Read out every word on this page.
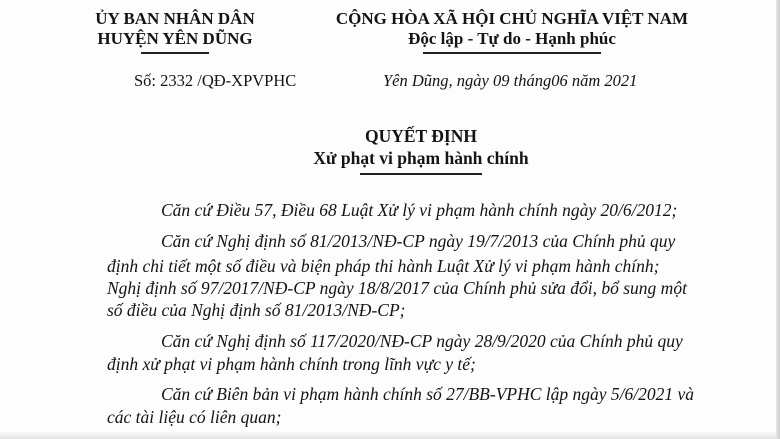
ỦY BAN NHÂN DÂN
HUYỆN YÊN DŨNG
CỘNG HÒA XÃ HỘI CHỦ NGHĨA VIỆT NAM
Độc lập - Tự do - Hạnh phúc
Số: 2332 /QĐ-XPVPHC	Yên Dũng, ngày 09 tháng06 năm 2021
QUYẾT ĐỊNH
Xử phạt vi phạm hành chính
Căn cứ Điều 57, Điều 68 Luật Xử lý vi phạm hành chính ngày 20/6/2012;
Căn cứ Nghị định số 81/2013/NĐ-CP ngày 19/7/2013 của Chính phủ quy
định chi tiết một số điều và biện pháp thi hành Luật Xử lý vi phạm hành chính;
Nghị định số 97/2017/NĐ-CP ngày 18/8/2017 của Chính phủ sửa đổi, bổ sung một
số điều của Nghị định số 81/2013/NĐ-CP;
Căn cứ Nghị định số 117/2020/NĐ-CP ngày 28/9/2020 của Chính phủ quy
định xử phạt vi phạm hành chính trong lĩnh vực y tế;
Căn cứ Biên bản vi phạm hành chính số 27/BB-VPHC lập ngày 5/6/2021 và
các tài liệu có liên quan;
